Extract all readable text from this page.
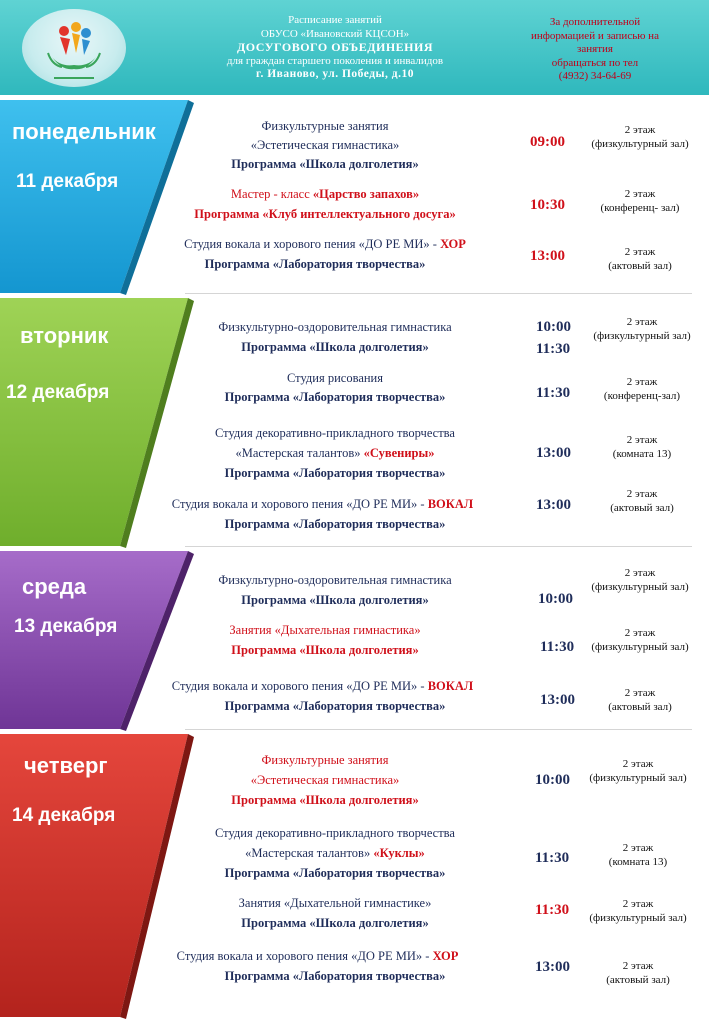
Расписание занятий
ОБУСО «Ивановский КЦСОН»
ДОСУГОВОГО ОБЪЕДИНЕНИЯ
для граждан старшего поколения и инвалидов
г. Иваново, ул. Победы, д.10
За дополнительной
информацией и записью на
занятия
обращаться по тел
(4932) 34-64-69
понедельник
11 декабря
Физкультурные занятия
«Эстетическая гимнастика»
Программа «Школа долголетия»
Мастер - класс «Царство запахов»
Программа «Клуб интеллектуального досуга»
Студия вокала и хорового пения «ДО РЕ МИ» - ХОР
Программа «Лаборатория творчества»
09:00
10:30
13:00
2 этаж
(физкультурный зал)
2 этаж
(конференц- зал)
2 этаж
(актовый зал)
вторник
12 декабря
Физкультурно-оздоровительная гимнастика
Программа «Школа долголетия»
Студия рисования
Программа «Лаборатория творчества»
Студия декоративно-прикладного творчества
«Мастерская талантов» «Сувениры»
Программа «Лаборатория творчества»
Студия вокала и хорового пения «ДО РЕ МИ» - ВОКАЛ
Программа «Лаборатория творчества»
10:00
11:30
11:30
13:00
13:00
2 этаж
(физкультурный зал)
2 этаж
(конференц-зал)
2 этаж
(комната 13)
2 этаж
(актовый зал)
среда
13 декабря
Физкультурно-оздоровительная гимнастика
Программа «Школа долголетия»
Занятия «Дыхательная гимнастика»
Программа «Школа долголетия»
Студия вокала и хорового пения «ДО РЕ МИ» - ВОКАЛ
Программа «Лаборатория творчества»
10:00
11:30
13:00
2 этаж
(физкультурный зал)
2 этаж
(физкультурный зал)
2 этаж
(актовый зал)
четверг
14 декабря
Физкультурные занятия
«Эстетическая гимнастика»
Программа «Школа долголетия»
Студия декоративно-прикладного творчества
«Мастерская талантов» «Куклы»
Программа «Лаборатория творчества»
Занятия «Дыхательной гимнастике»
Программа «Школа долголетия»
Студия вокала и хорового пения «ДО РЕ МИ» - ХОР
Программа «Лаборатория творчества»
10:00
11:30
11:30
13:00
2 этаж
(физкультурный зал)
2 этаж
(комната 13)
2 этаж
(физкультурный зал)
2 этаж
(актовый зал)
